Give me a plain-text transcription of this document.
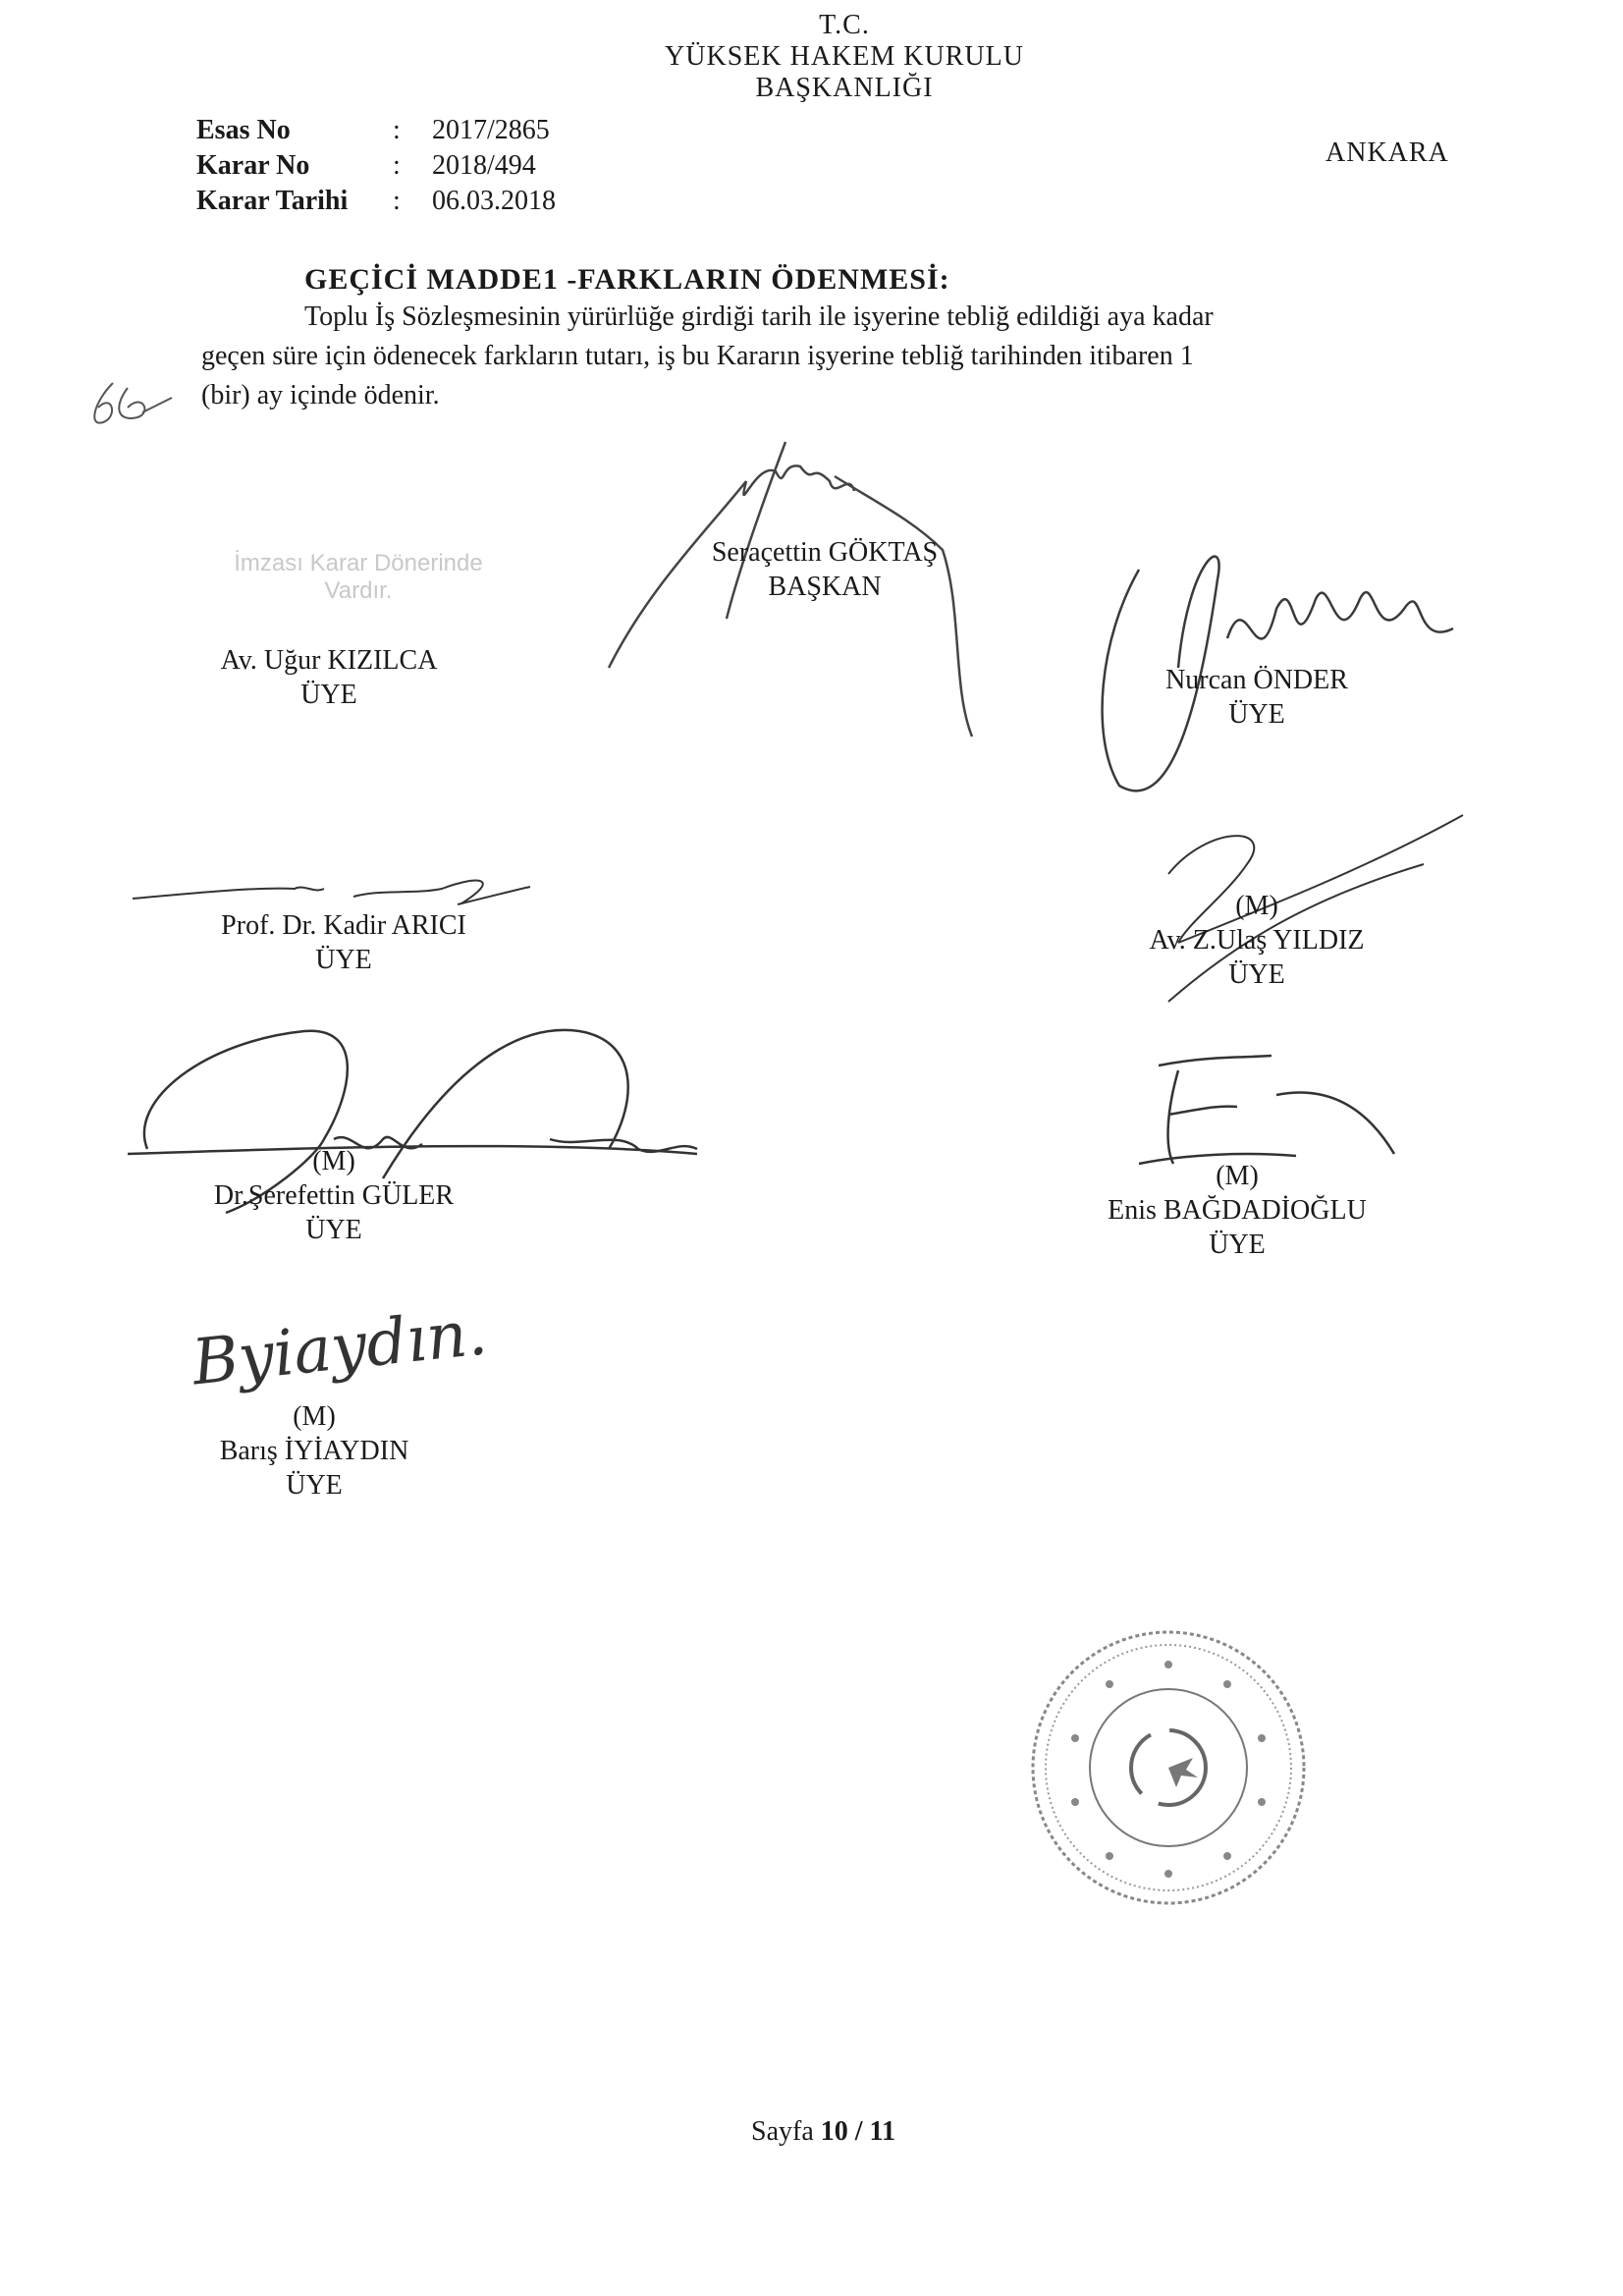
T.C.
YÜKSEK HAKEM KURULU
BAŞKANLIĞI
ANKARA
Esas No	: 2017/2865
Karar No	: 2018/494
Karar Tarihi : 06.03.2018
GEÇİCİ MADDE1 -FARKLARIN ÖDENMESİ:
Toplu İş Sözleşmesinin yürürlüğe girdiği tarih ile işyerine tebliğ edildiği aya kadar
geçen süre için ödenecek farkların tutarı, iş bu Kararın işyerine tebliğ tarihinden itibaren 1
(bir) ay içinde ödenir.
Seraçettin GÖKTAŞ
BAŞKAN
İmzası Karar Dönerinde
Vardır.
Av. Uğur KIZILCA
ÜYE	Nurcan ÖNDER
ÜYE
Prof. Dr. Kadir ARICI
ÜYE
(M)
Av. Z.Ulaş YILDIZ
ÜYE
(M)
Dr.Şerefettin GÜLER
ÜYE
(M)
Enis BAĞDADİOĞLU
ÜYE
Byiaydın.
(M)
Barış İYİAYDIN
ÜYE
Sayfa 10 / 11
